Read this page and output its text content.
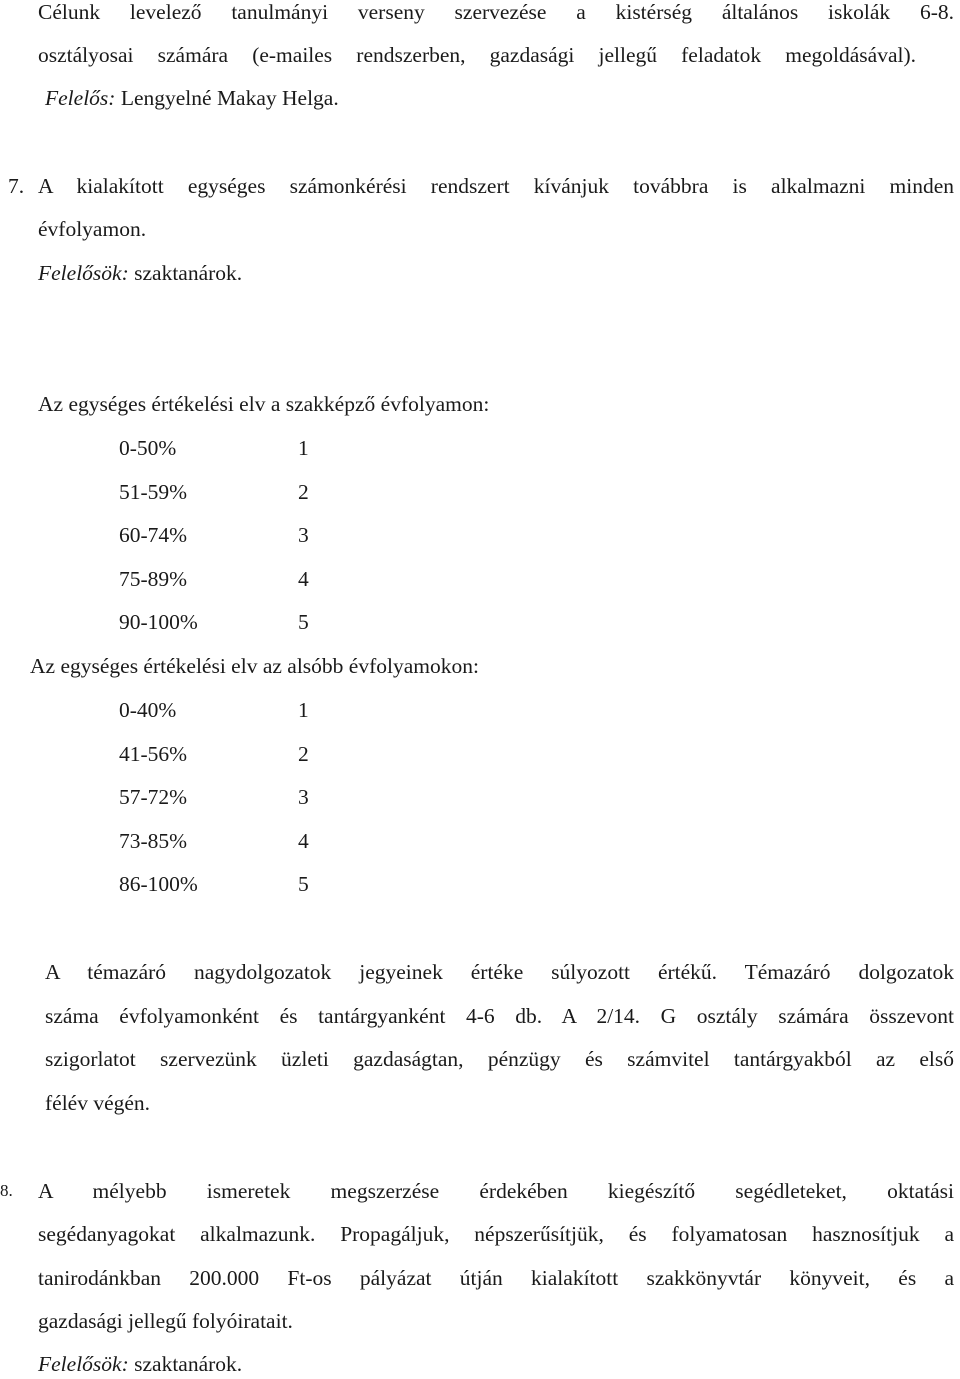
Célunk levelező tanulmányi verseny szervezése a kistérség általános iskolák 6-8.
osztályosai számára (e-mailes rendszerben, gazdasági jellegű feladatok megoldásával).
Felelős: Lengyelné Makay Helga.
7. A kialakított egységes számonkérési rendszert kívánjuk továbbra is alkalmazni minden
évfolyamon.
Felelősök: szaktanárok.
Az egységes értékelési elv a szakképző évfolyamon:
0-50%	1
51-59%	2
60-74%	3
75-89%	4
90-100%	5
Az egységes értékelési elv az alsóbb évfolyamokon:
0-40%	1
41-56%	2
57-72%	3
73-85%	4
86-100%	5
A témazáró nagydolgozatok jegyeinek értéke súlyozott értékű. Témazáró dolgozatok
száma évfolyamonként és tantárgyanként 4-6 db. A 2/14. G osztály számára összevont
szigorlatot szervezünk üzleti gazdaságtan, pénzügy és számvitel tantárgyakból az első
félév végén.
8. A mélyebb ismeretek megszerzése érdekében kiegészítő segédleteket, oktatási
segédanyagokat alkalmazunk. Propagáljuk, népszerűsítjük, és folyamatosan hasznosítjuk a
tanirodánkban 200.000 Ft-os pályázat útján kialakított szakkönyvtár könyveit, és a
gazdasági jellegű folyóiratait.
Felelősök: szaktanárok.
